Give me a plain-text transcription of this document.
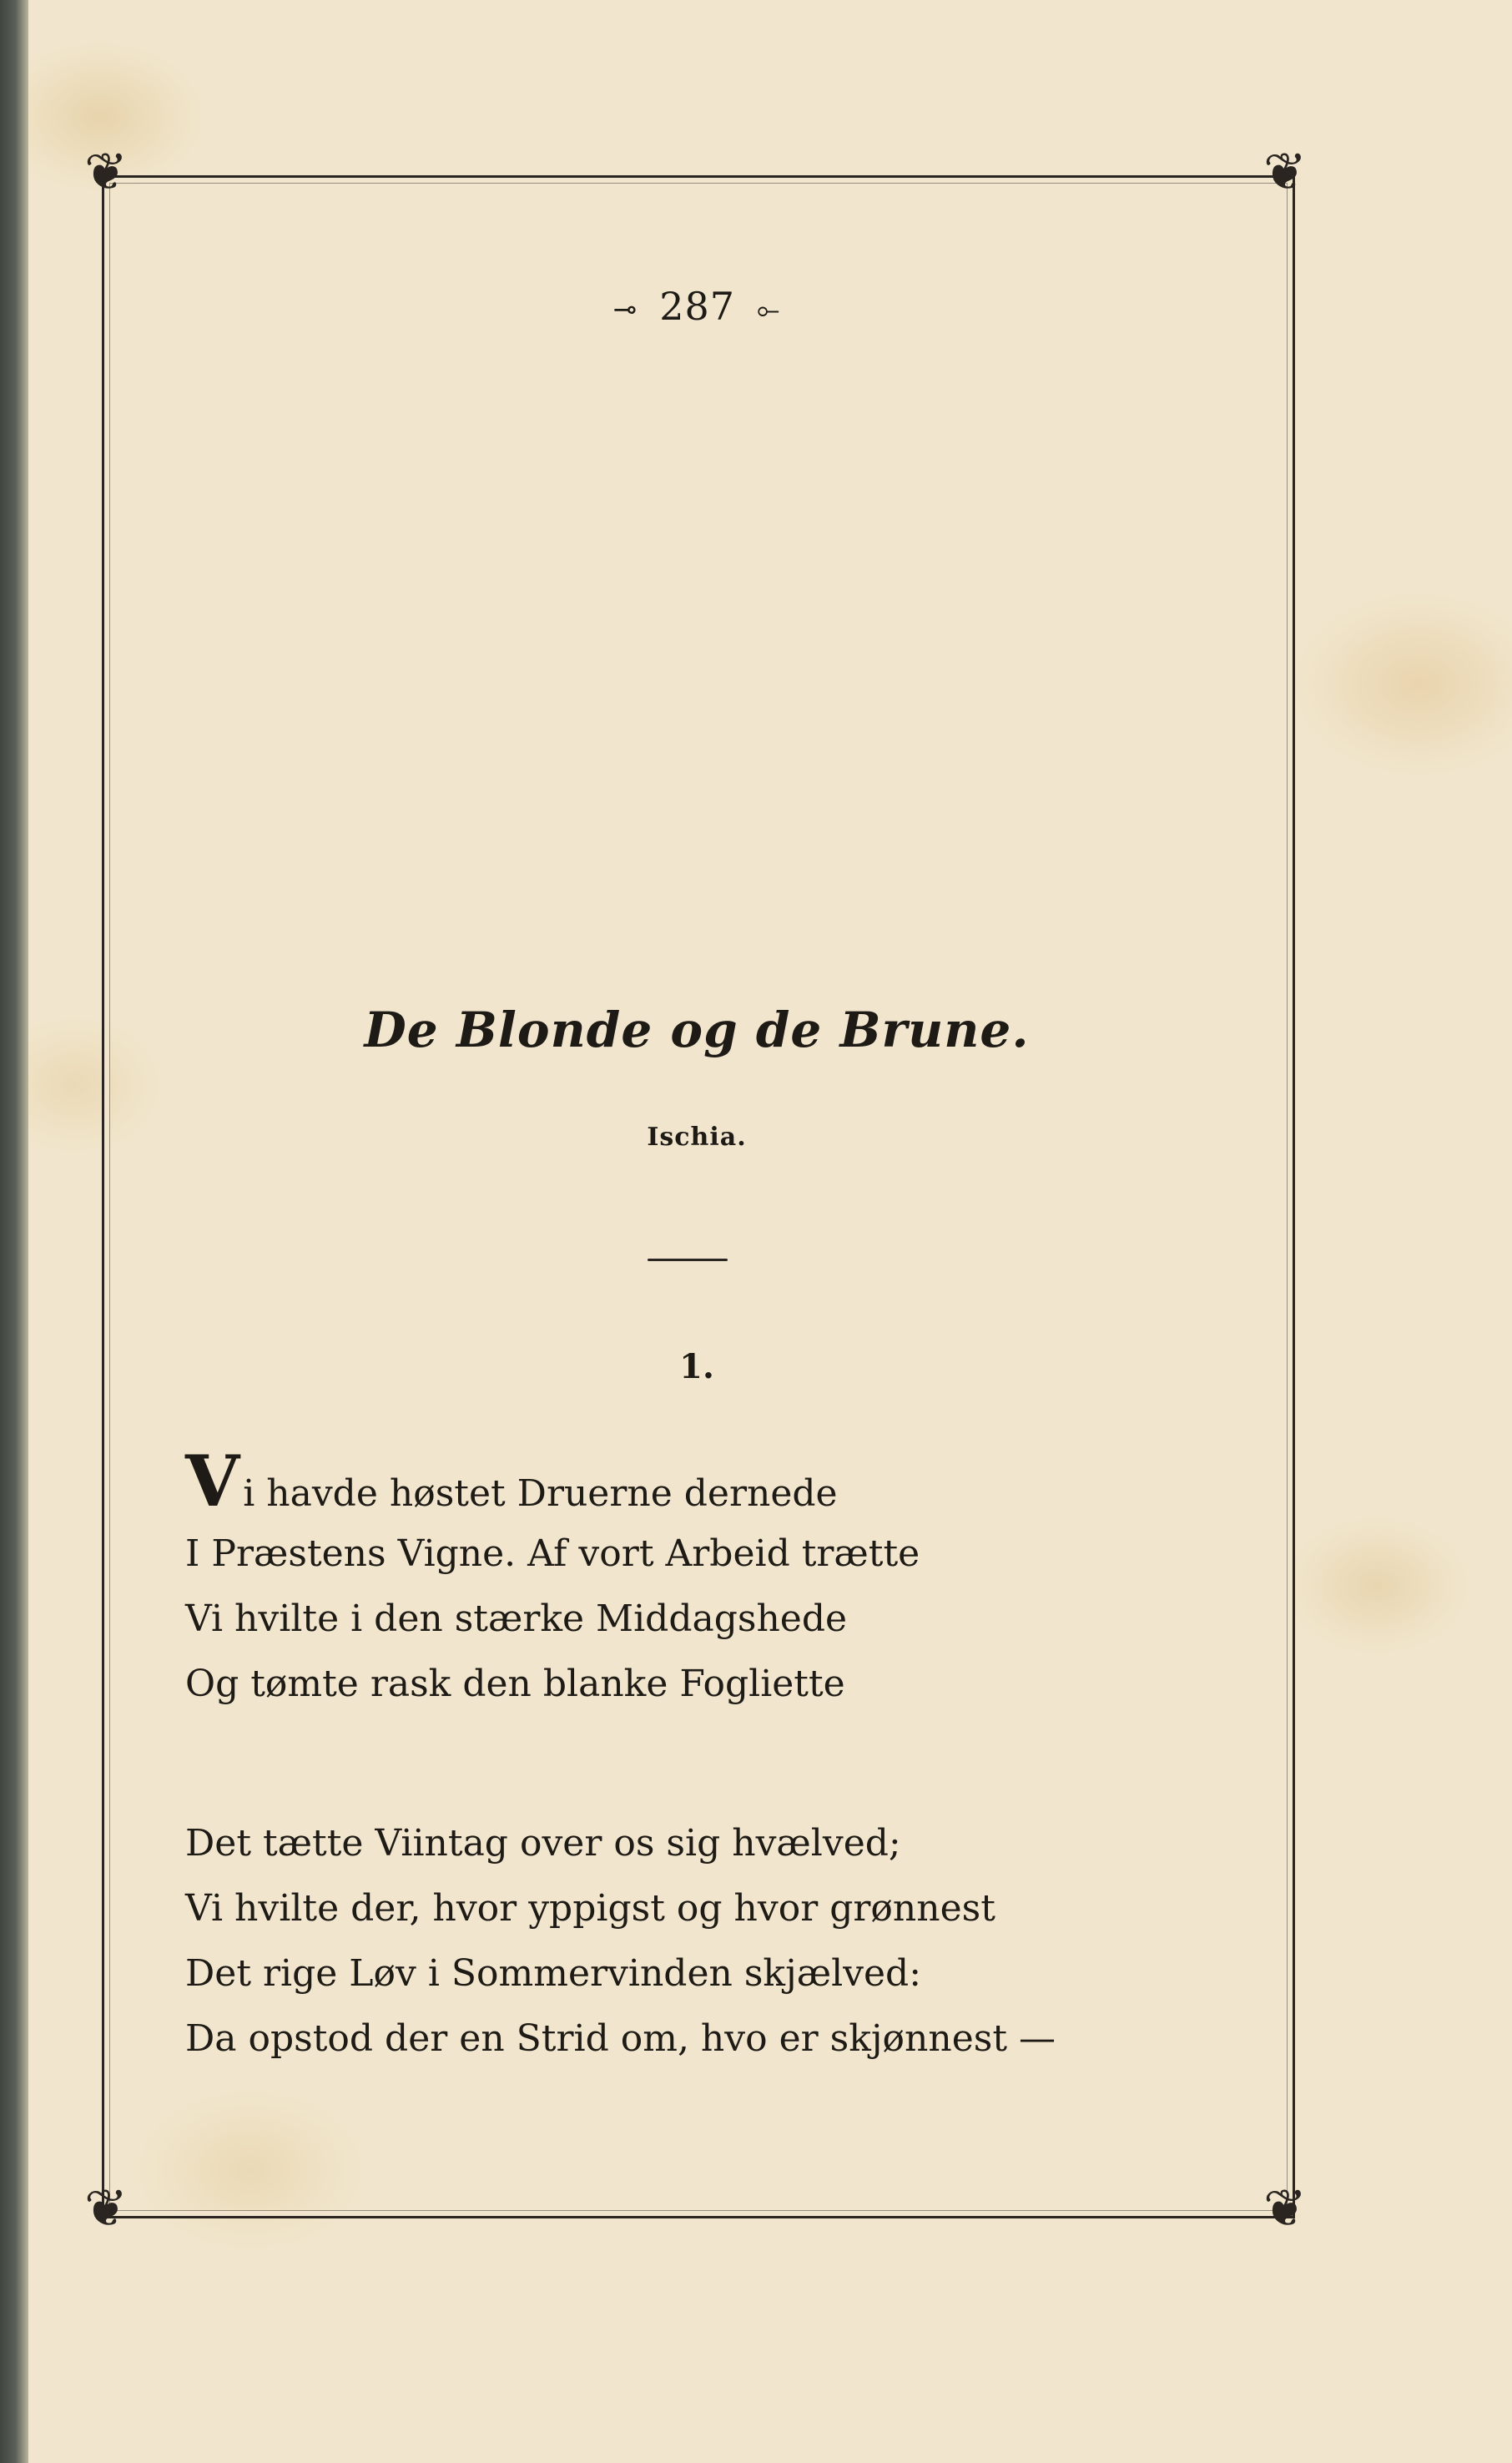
❦	❦
❦	❦
⊸ 287 ⟜
De Blonde og de Brune.
Ischia.
1.
Vi havde høstet Druerne dernede
I Præstens Vigne. Af vort Arbeid trætte
Vi hvilte i den stærke Middagshede
Og tømte rask den blanke Fogliette
Det tætte Viintag over os sig hvælved;
Vi hvilte der, hvor yppigst og hvor grønnest
Det rige Løv i Sommervinden skjælved:
Da opstod der en Strid om, hvo er skjønnest —
